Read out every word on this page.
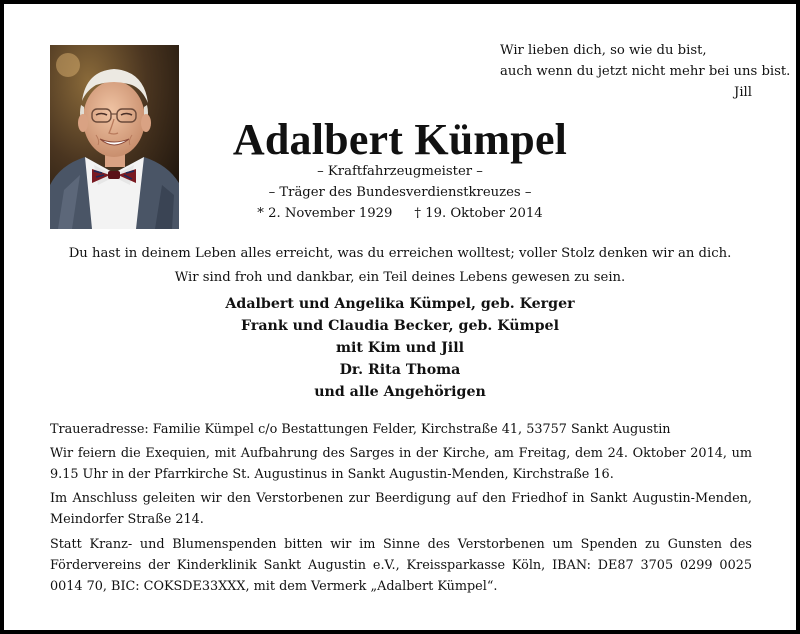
Wir lieben dich, so wie du bist,
auch wenn du jetzt nicht mehr bei uns bist.
Jill
Adalbert Kümpel
– Kraftfahrzeugmeister –
– Träger des Bundesverdienstkreuzes –
* 2. November 1929 † 19. Oktober 2014
Du hast in deinem Leben alles erreicht, was du erreichen wolltest; voller Stolz denken wir an dich.
Wir sind froh und dankbar, ein Teil deines Lebens gewesen zu sein.
Adalbert und Angelika Kümpel, geb. Kerger
Frank und Claudia Becker, geb. Kümpel
mit Kim und Jill
Dr. Rita Thoma
und alle Angehörigen
Traueradresse: Familie Kümpel c/o Bestattungen Felder, Kirchstraße 41, 53757 Sankt Augustin
Wir feiern die Exequien, mit Aufbahrung des Sarges in der Kirche, am Freitag, dem 24. Oktober 2014, um 9.15 Uhr in der Pfarrkirche St. Augustinus in Sankt Augustin-Menden, Kirchstraße 16.
Im Anschluss geleiten wir den Verstorbenen zur Beerdigung auf den Friedhof in Sankt Augustin-Menden, Meindorfer Straße 214.
Statt Kranz- und Blumenspenden bitten wir im Sinne des Verstorbenen um Spenden zu Gunsten des Fördervereins der Kinderklinik Sankt Augustin e.V., Kreissparkasse Köln, IBAN: DE87 3705 0299 0025 0014 70, BIC: COKSDE33XXX, mit dem Vermerk „Adalbert Kümpel“.
